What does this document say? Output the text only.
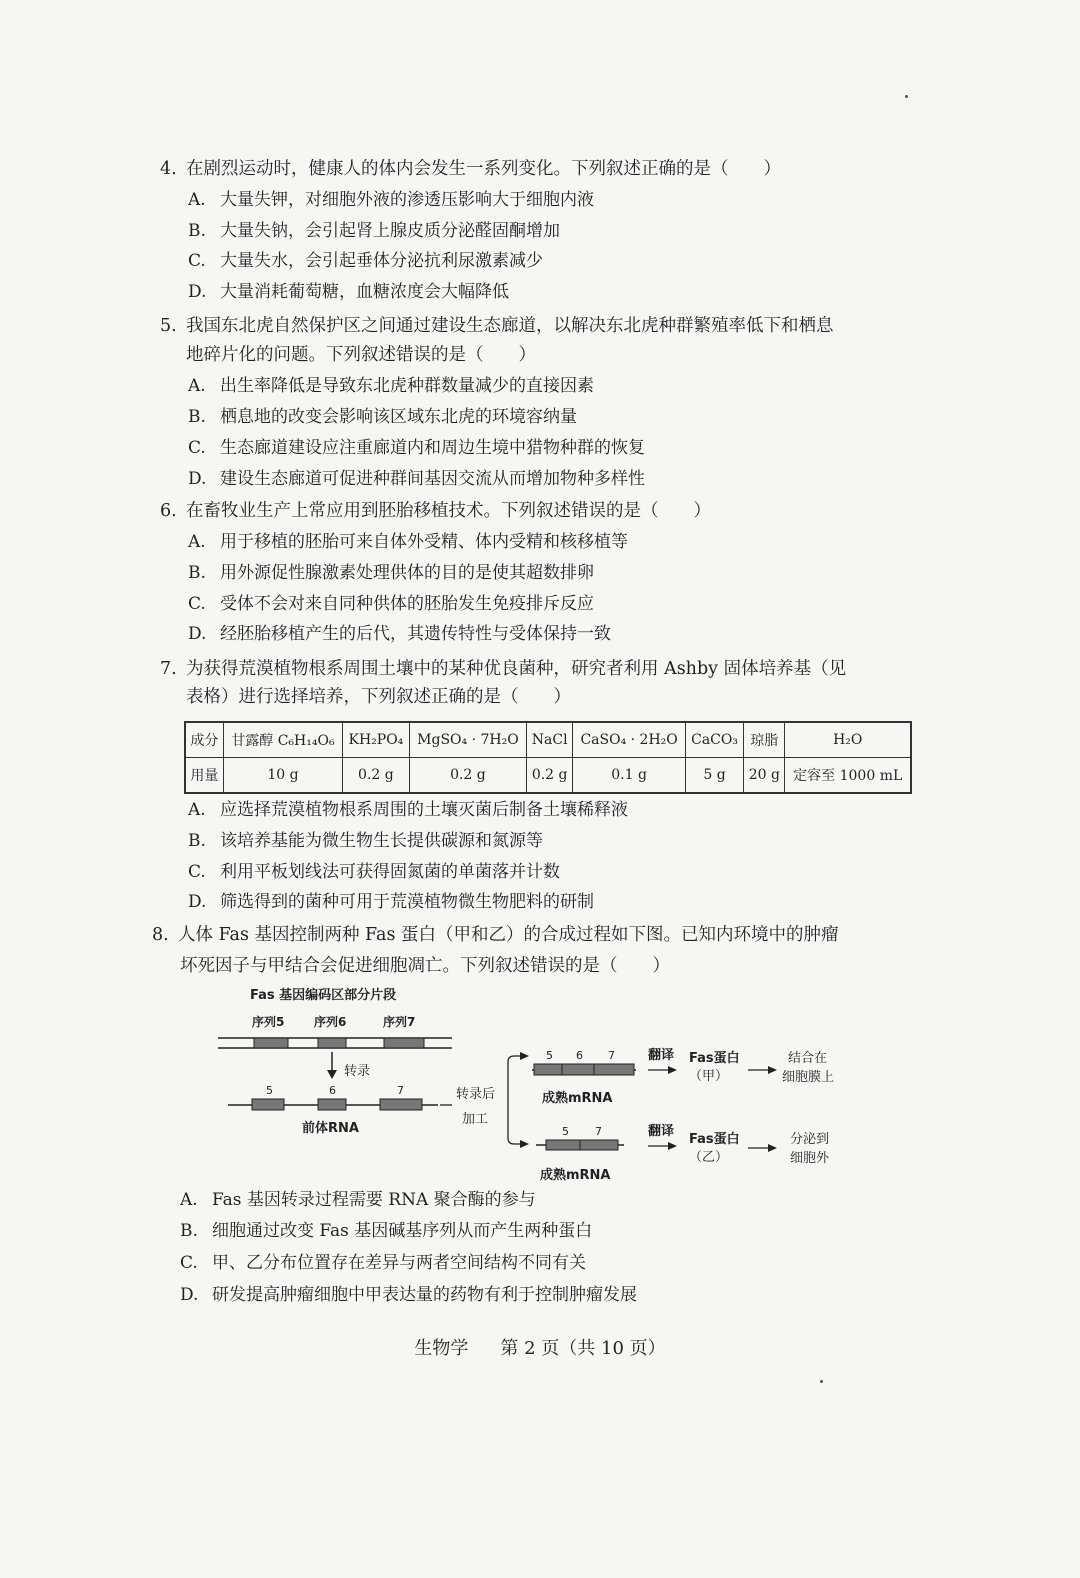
4. 在剧烈运动时，健康人的体内会发生一系列变化。下列叙述正确的是（　　）
A. 大量失钾，对细胞外液的渗透压影响大于细胞内液
B. 大量失钠，会引起肾上腺皮质分泌醛固酮增加
C. 大量失水，会引起垂体分泌抗利尿激素减少
D. 大量消耗葡萄糖，血糖浓度会大幅降低
5. 我国东北虎自然保护区之间通过建设生态廊道，以解决东北虎种群繁殖率低下和栖息
地碎片化的问题。下列叙述错误的是（　　）
A. 出生率降低是导致东北虎种群数量减少的直接因素
B. 栖息地的改变会影响该区域东北虎的环境容纳量
C. 生态廊道建设应注重廊道内和周边生境中猎物种群的恢复
D. 建设生态廊道可促进种群间基因交流从而增加物种多样性
6. 在畜牧业生产上常应用到胚胎移植技术。下列叙述错误的是（　　）
A. 用于移植的胚胎可来自体外受精、体内受精和核移植等
B. 用外源促性腺激素处理供体的目的是使其超数排卵
C. 受体不会对来自同种供体的胚胎发生免疫排斥反应
D. 经胚胎移植产生的后代，其遗传特性与受体保持一致
7. 为获得荒漠植物根系周围土壤中的某种优良菌种，研究者利用 Ashby 固体培养基（见
表格）进行选择培养，下列叙述正确的是（　　）
成分	甘露醇 C₆H₁₄O₆	KH₂PO₄	MgSO₄ · 7H₂O	NaCl	CaSO₄ · 2H₂O	CaCO₃	琼脂	H₂O
用量	10 g	0.2 g	0.2 g	0.2 g	0.1 g	5 g	20 g	定容至 1000 mL
A. 应选择荒漠植物根系周围的土壤灭菌后制备土壤稀释液
B. 该培养基能为微生物生长提供碳源和氮源等
C. 利用平板划线法可获得固氮菌的单菌落并计数
D. 筛选得到的菌种可用于荒漠植物微生物肥料的研制
8. 人体 Fas 基因控制两种 Fas 蛋白（甲和乙）的合成过程如下图。已知内环境中的肿瘤
坏死因子与甲结合会促进细胞凋亡。下列叙述错误的是（　　）
Fas 基因编码区部分片段
序列5 序列6	序列7
转录
5	6	7
前体RNA
转录后
加工
5 6 7
成熟mRNA
5 7
成熟mRNA
翻译 Fas蛋白
（甲）
结合在
细胞膜上
翻译
Fas蛋白
（乙）
分泌到
细胞外
A. Fas 基因转录过程需要 RNA 聚合酶的参与
B. 细胞通过改变 Fas 基因碱基序列从而产生两种蛋白
C. 甲、乙分布位置存在差异与两者空间结构不同有关
D. 研发提高肿瘤细胞中甲表达量的药物有利于控制肿瘤发展
生物学 第 2 页（共 10 页）
